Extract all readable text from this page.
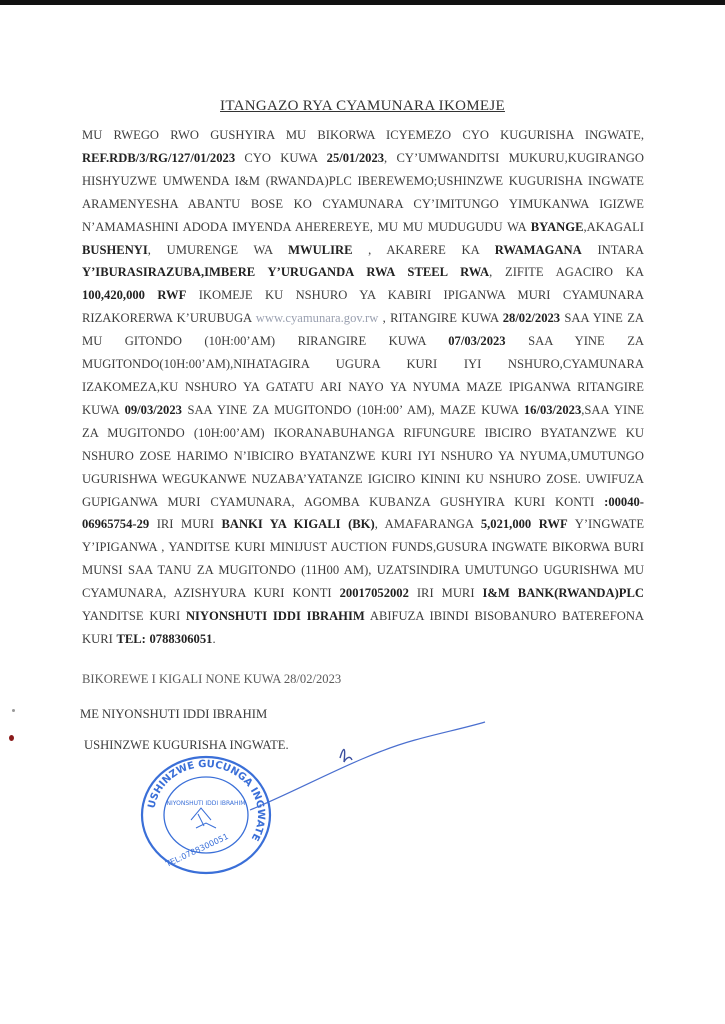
ITANGAZO RYA CYAMUNARA IKOMEJE
MU RWEGO RWO GUSHYIRA MU BIKORWA ICYEMEZO CYO KUGURISHA INGWATE, REF.RDB/3/RG/127/01/2023 CYO KUWA 25/01/2023, CY’UMWANDITSI MUKURU,KUGIRANGO HISHYUZWE UMWENDA I&M (RWANDA)PLC IBEREWEMO;USHINZWE KUGURISHA INGWATE ARAMENYESHA ABANTU BOSE KO CYAMUNARA CY’IMITUNGO YIMUKANWA IGIZWE N’AMAMASHINI ADODA IMYENDA AHEREREYE, MU MU MUDUGUDU WA BYANGE,AKAGALI BUSHENYI, UMURENGE WA MWULIRE , AKARERE KA RWAMAGANA INTARA Y’IBURASIRAZUBA,IMBERE Y’URUGANDA RWA STEEL RWA, ZIFITE AGACIRO KA 100,420,000 RWF IKOMEJE KU NSHURO YA KABIRI IPIGANWA MURI CYAMUNARA RIZAKORERWA K’URUBUGA www.cyamunara.gov.rw , RITANGIRE KUWA 28/02/2023 SAA YINE ZA MU GITONDO (10H:00’AM) RIRANGIRE KUWA 07/03/2023 SAA YINE ZA MUGITONDO(10H:00’AM),NIHATAGIRA UGURA KURI IYI NSHURO,CYAMUNARA IZAKOMEZA,KU NSHURO YA GATATU ARI NAYO YA NYUMA MAZE IPIGANWA RITANGIRE KUWA 09/03/2023 SAA YINE ZA MUGITONDO (10H:00’ AM), MAZE KUWA 16/03/2023,SAA YINE ZA MUGITONDO (10H:00’AM) IKORANABUHANGA RIFUNGURE IBICIRO BYATANZWE KU NSHURO ZOSE HARIMO N’IBICIRO BYATANZWE KURI IYI NSHURO YA NYUMA,UMUTUNGO UGURISHWA WEGUKANWE NUZABA’YATANZE IGICIRO KININI KU NSHURO ZOSE. UWIFUZA GUPIGANWA MURI CYAMUNARA, AGOMBA KUBANZA GUSHYIRA KURI KONTI :00040-06965754-29 IRI MURI BANKI YA KIGALI (BK), AMAFARANGA 5,021,000 RWF Y’INGWATE Y’IPIGANWA , YANDITSE KURI MINIJUST AUCTION FUNDS,GUSURA INGWATE BIKORWA BURI MUNSI SAA TANU ZA MUGITONDO (11H00 AM), UZATSINDIRA UMUTUNGO UGURISHWA MU CYAMUNARA, AZISHYURA KURI KONTI 20017052002 IRI MURI I&M BANK(RWANDA)PLC YANDITSE KURI NIYONSHUTI IDDI IBRAHIM ABIFUZA IBINDI BISOBANURO BATEREFONA KURI TEL: 0788306051.
BIKOREWE I KIGALI NONE KUWA 28/02/2023
ME NIYONSHUTI IDDI IBRAHIM
USHINZWE KUGURISHA INGWATE.
USHINZWE GUCUNGA INGWATE
NIYONSHUTI IDDI IBRAHIM
TEL:0788300051
